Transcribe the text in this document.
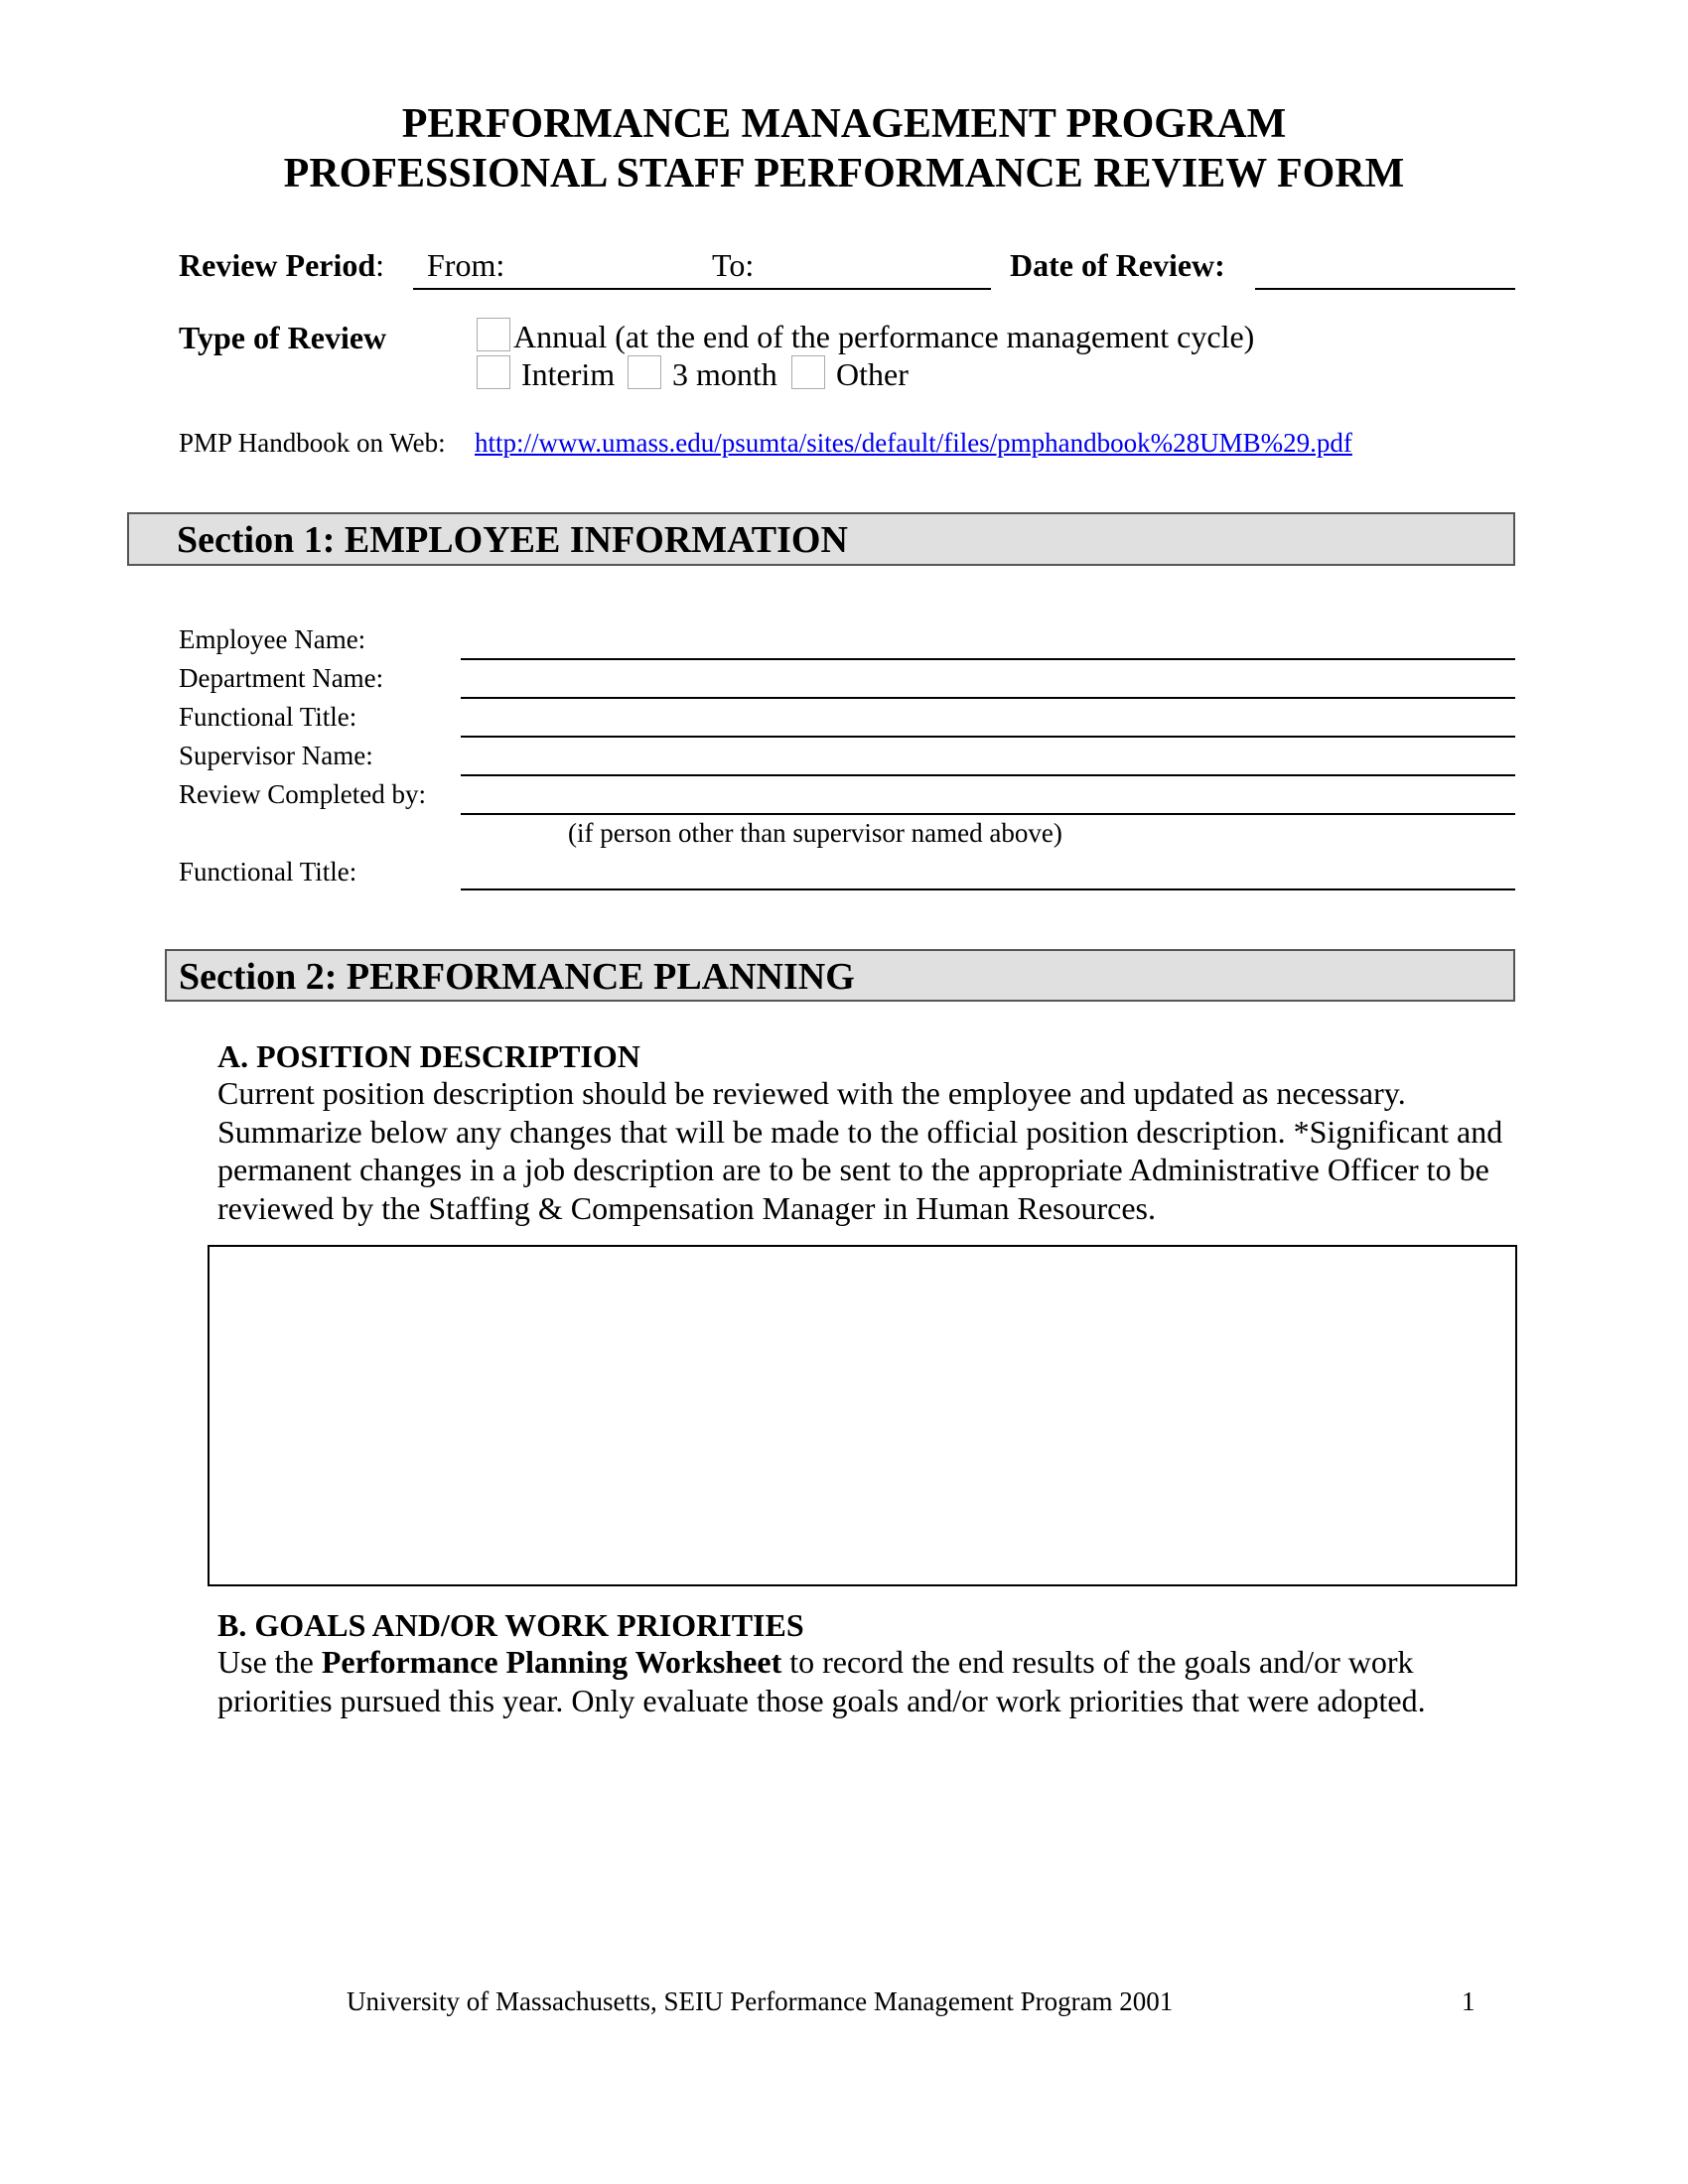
PERFORMANCE MANAGEMENT PROGRAM
PROFESSIONAL STAFF PERFORMANCE REVIEW FORM
Review Period: From:	To:	Date of Review:
Type of Review	Annual (at the end of the performance management cycle)
Interim 3 month Other
PMP Handbook on Web: http://www.umass.edu/psumta/sites/default/files/pmphandbook%28UMB%29.pdf
Section 1: EMPLOYEE INFORMATION
Employee Name:
Department Name:
Functional Title:
Supervisor Name:
Review Completed by:
(if person other than supervisor named above)
Functional Title:
Section 2: PERFORMANCE PLANNING
A. POSITION DESCRIPTION
Current position description should be reviewed with the employee and updated as necessary. Summarize below any changes that will be made to the official position description. *Significant and permanent changes in a job description are to be sent to the appropriate Administrative Officer to be reviewed by the Staffing & Compensation Manager in Human Resources.
B. GOALS AND/OR WORK PRIORITIES
Use the Performance Planning Worksheet to record the end results of the goals and/or work priorities pursued this year. Only evaluate those goals and/or work priorities that were adopted.
University of Massachusetts, SEIU Performance Management Program 2001	1
